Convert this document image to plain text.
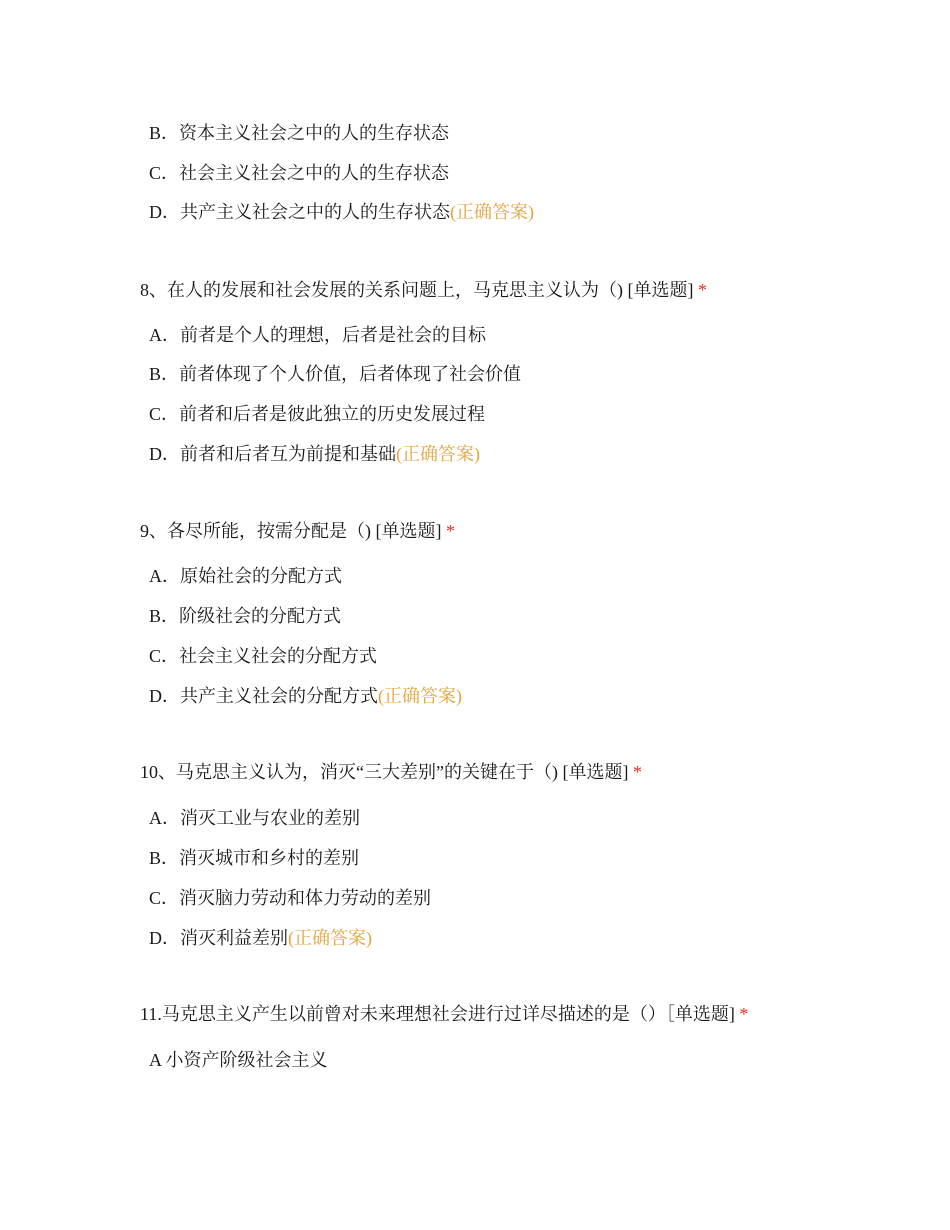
B．资本主义社会之中的人的生存状态
C．社会主义社会之中的人的生存状态
D．共产主义社会之中的人的生存状态(正确答案)
8、在人的发展和社会发展的关系问题上，马克思主义认为（) [单选题] *
A．前者是个人的理想，后者是社会的目标
B．前者体现了个人价值，后者体现了社会价值
C．前者和后者是彼此独立的历史发展过程
D．前者和后者互为前提和基础(正确答案)
9、各尽所能，按需分配是（) [单选题] *
A．原始社会的分配方式
B．阶级社会的分配方式
C．社会主义社会的分配方式
D．共产主义社会的分配方式(正确答案)
10、马克思主义认为，消灭“三大差别”的关键在于（) [单选题] *
A．消灭工业与农业的差别
B．消灭城市和乡村的差别
C．消灭脑力劳动和体力劳动的差别
D．消灭利益差别(正确答案)
11.马克思主义产生以前曾对未来理想社会进行过详尽描述的是（）［单选题] *
A 小资产阶级社会主义
